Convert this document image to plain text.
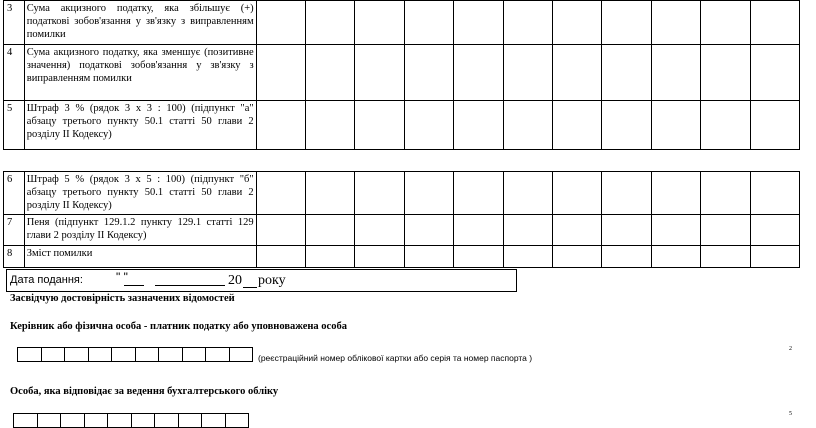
3	Сума акцизного податку, яка збільшує (+) податкові зобов'язання у зв'язку з виправленням помилки											
4	Сума акцизного податку, яка зменшує (позитивне значення) податкові зобов'язання у зв'язку з виправленням помилки											
5	Штраф 3 % (рядок 3 х 3 : 100) (підпункт "а" абзацу третього пункту 50.1 статті 50 глави 2 розділу II Кодексу)											
6	Штраф 5 % (рядок 3 х 5 : 100) (підпункт "б" абзацу третього пункту 50.1 статті 50 глави 2 розділу II Кодексу)											
7	Пеня (підпункт 129.1.2 пункту 129.1 статті 129 глави 2 розділу II Кодексу)											
8	Зміст помилки											
Дата подання:	" "	20 року
Засвідчую достовірність зазначених відомостей
Керівник або фізична особа - платник податку або уповноважена особа
(реєстраційний номер облікової картки або серія та номер паспорта )
2
Особа, яка відповідає за ведення бухгалтерського обліку
5
